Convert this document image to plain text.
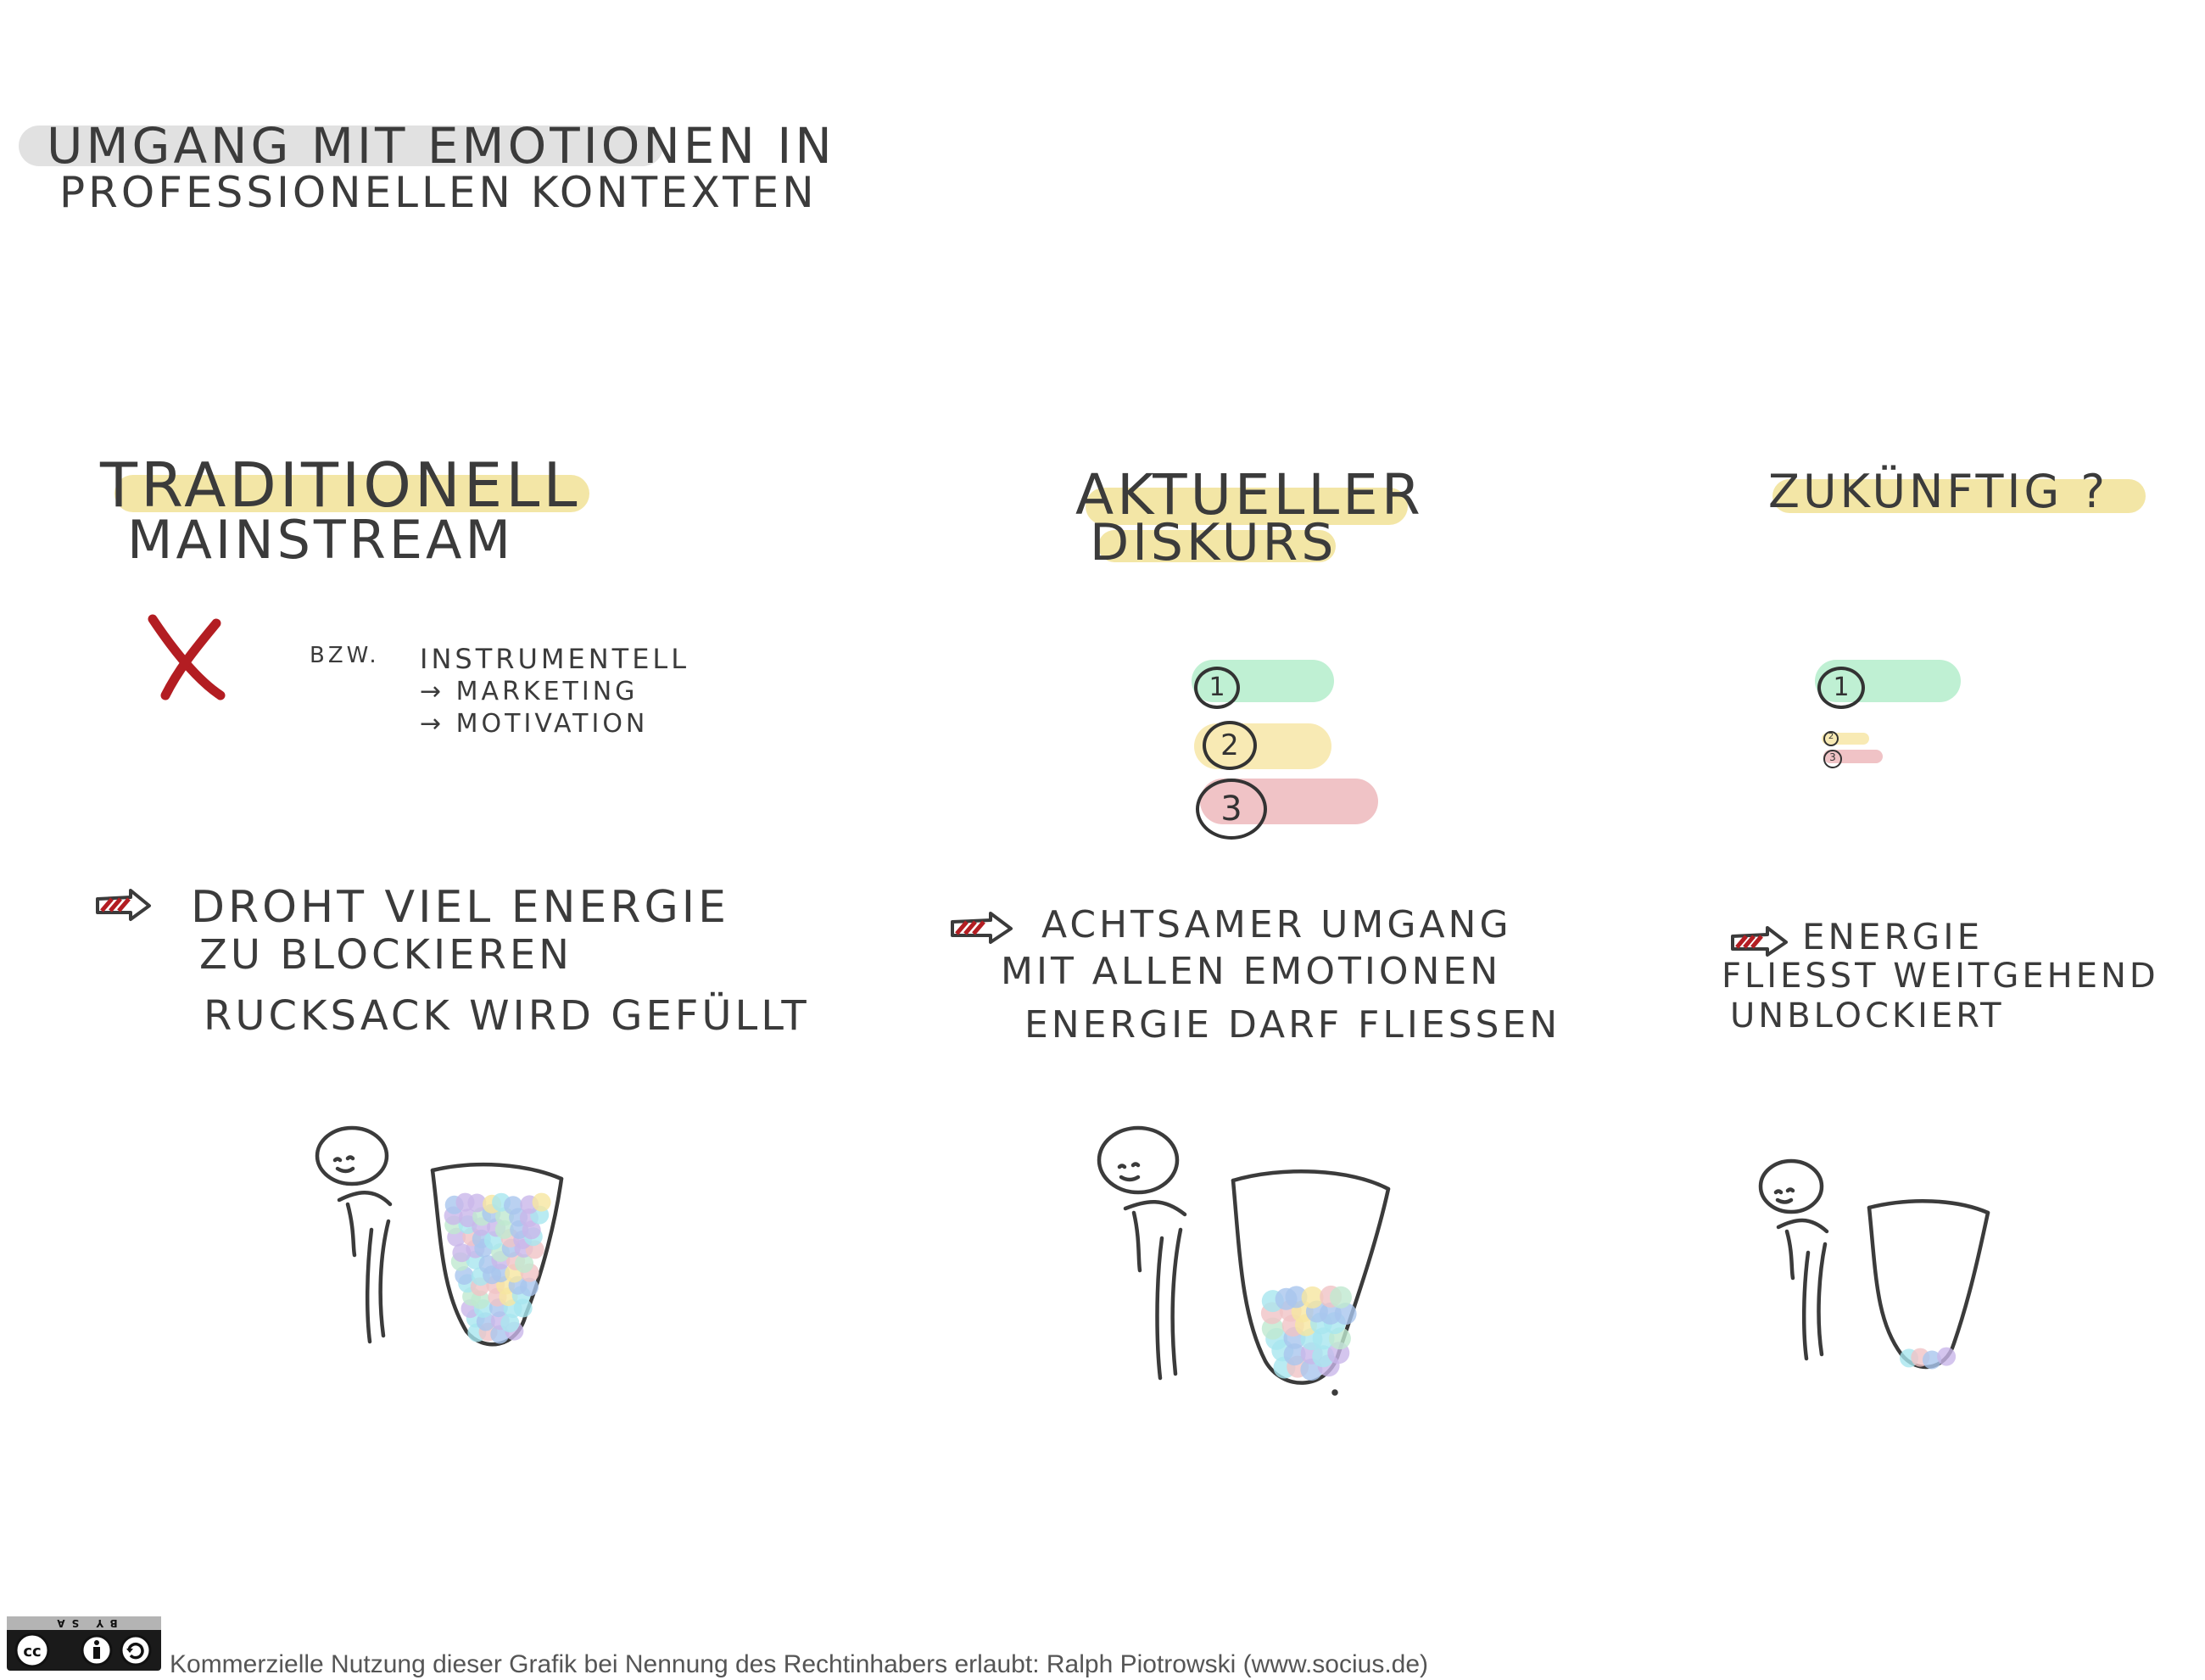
UMGANG MIT EMOTIONEN IN
PROFESSIONELLEN KONTEXTEN
TRADITIONELL
MAINSTREAM
AKTUELLER
DISKURS
ZUKÜNFTIG ?
BZW. INSTRUMENTELL
→ MARKETING
→ MOTIVATION
1
2
3
1
2
3
DROHT VIEL ENERGIE
ZU BLOCKIEREN
RUCKSACK WIRD GEFÜLLT
ACHTSAMER UMGANG
MIT ALLEN EMOTIONEN
ENERGIE DARF FLIESSEN
ENERGIE
FLIESST WEITGEHEND
UNBLOCKIERT
BY SA
cc	Kommerzielle Nutzung dieser Grafik bei Nennung des Rechtinhabers erlaubt: Ralph Piotrowski (www.socius.de)
